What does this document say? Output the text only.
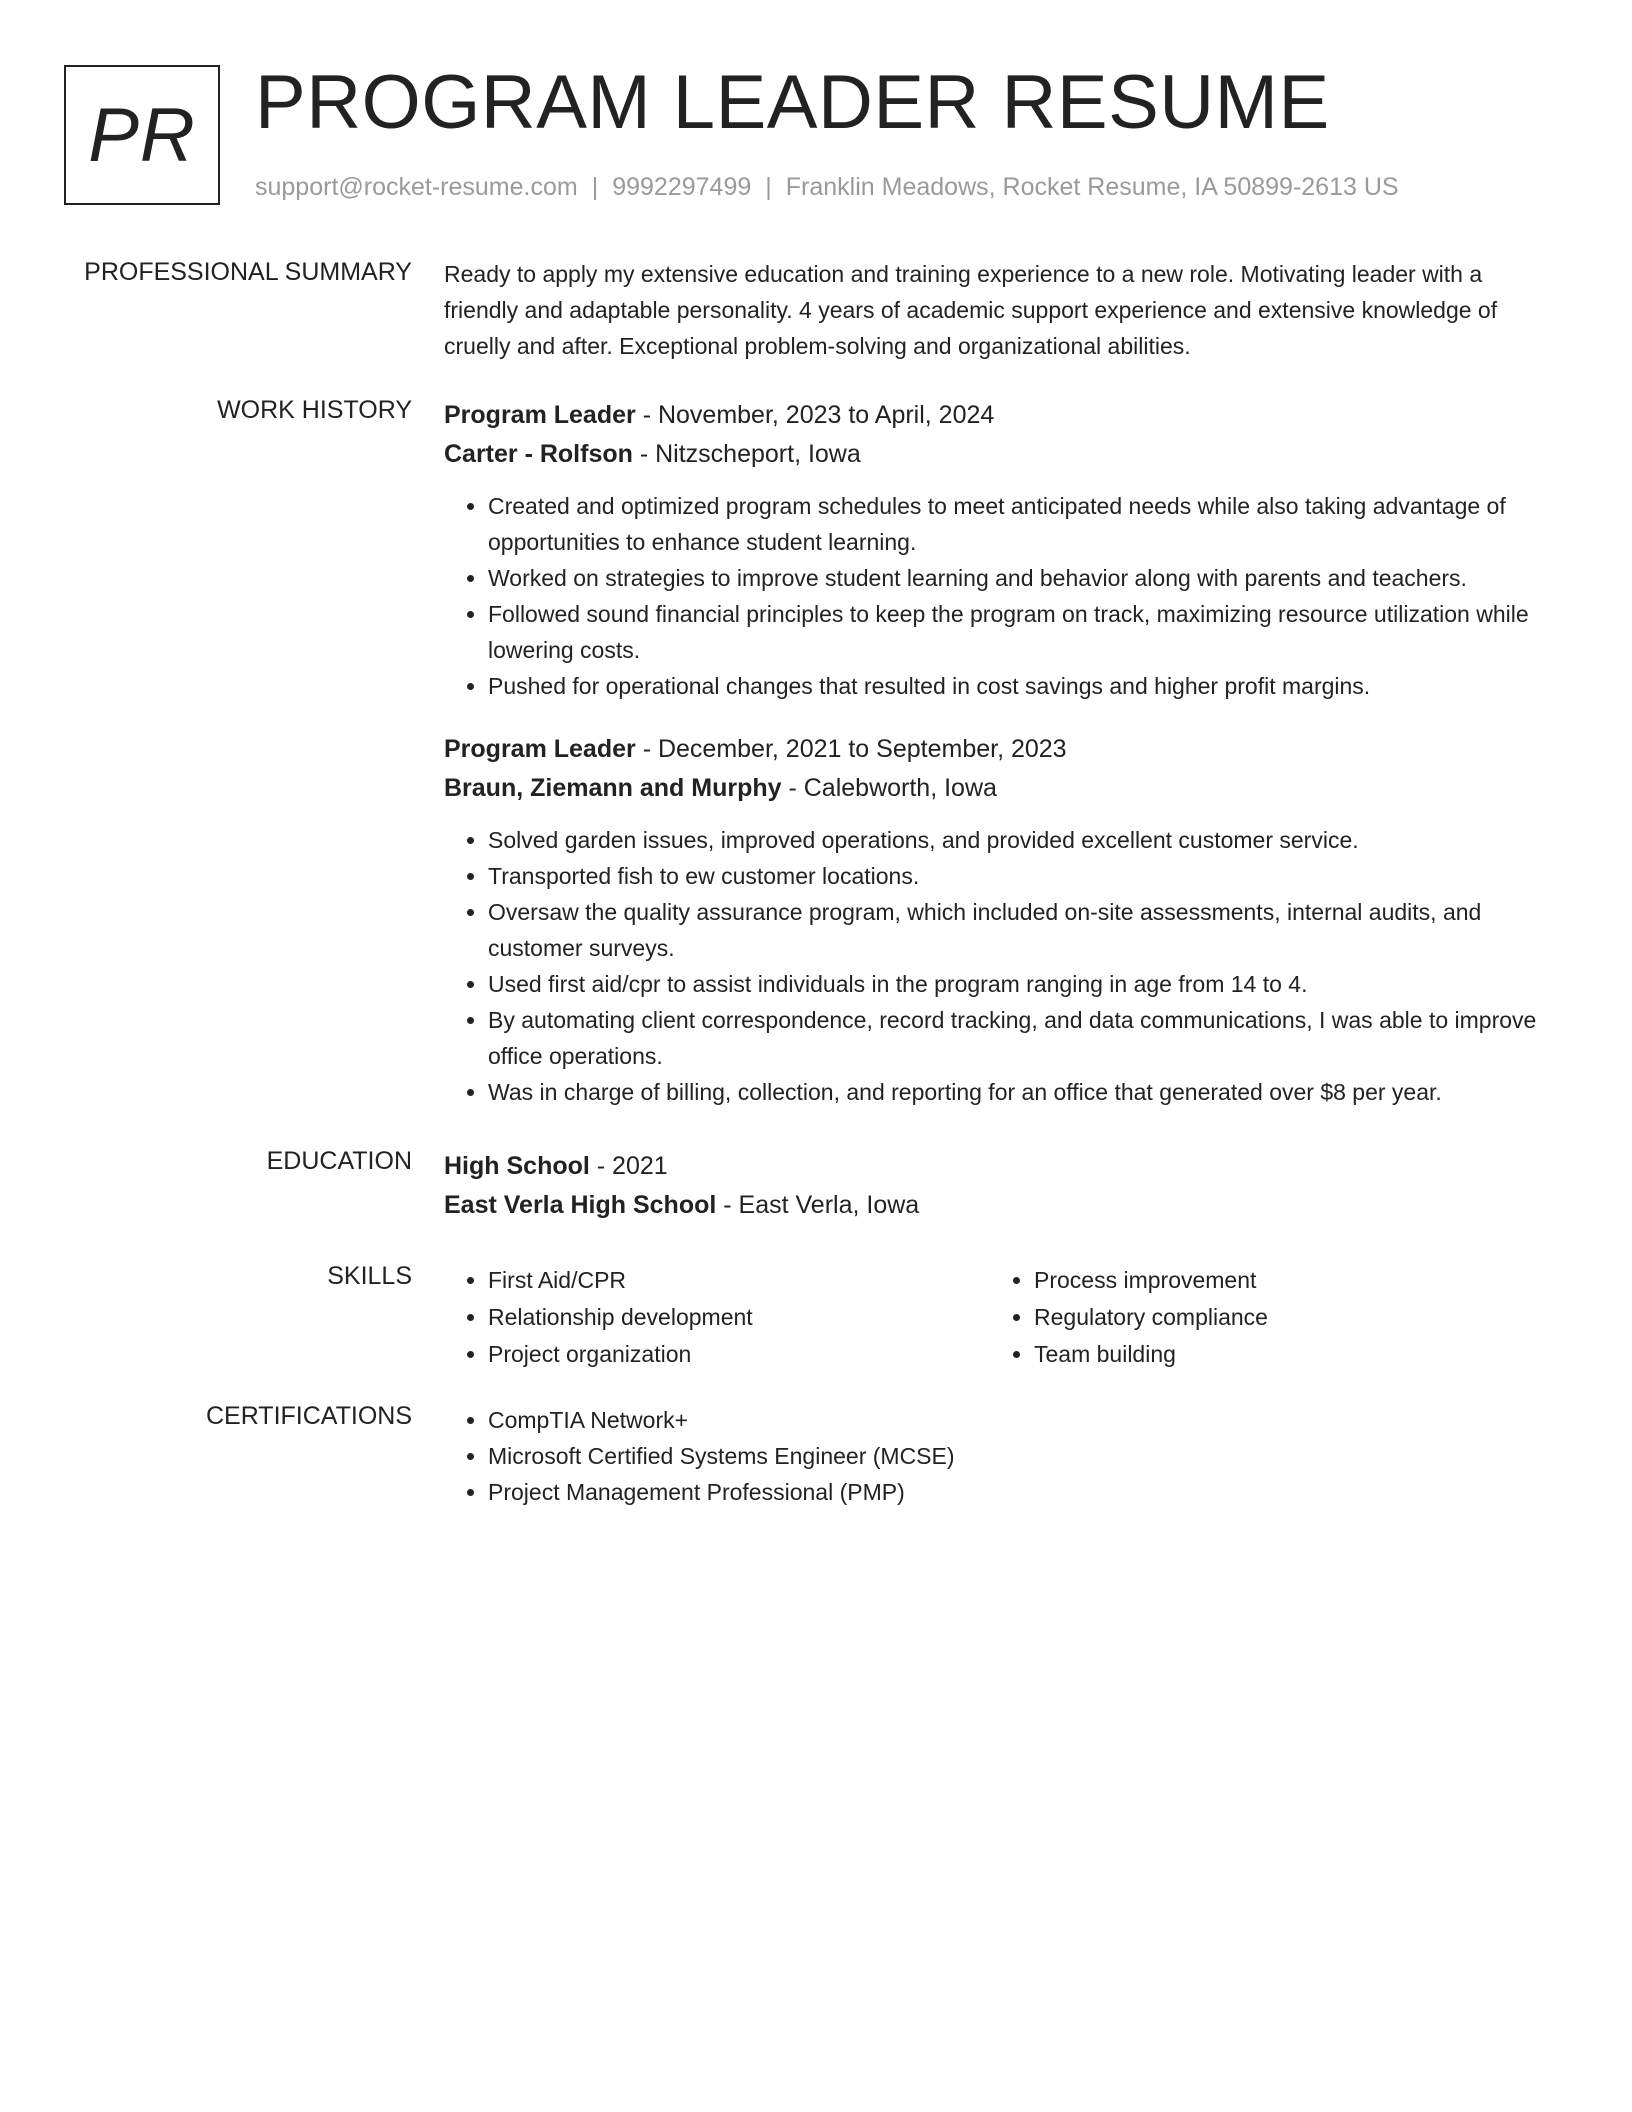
PR PROGRAM LEADER RESUME
support@rocket-resume.com | 9992297499 | Franklin Meadows, Rocket Resume, IA 50899-2613 US
PROFESSIONAL SUMMARY Ready to apply my extensive education and training experience to a new role. Motivating leader with a friendly and adaptable personality. 4 years of academic support experience and extensive knowledge of cruelly and after. Exceptional problem-solving and organizational abilities.
WORK HISTORY Program Leader - November, 2023 to April, 2024
Carter - Rolfson - Nitzscheport, Iowa
• Created and optimized program schedules to meet anticipated needs while also taking advantage of opportunities to enhance student learning.
• Worked on strategies to improve student learning and behavior along with parents and teachers.
• Followed sound financial principles to keep the program on track, maximizing resource utilization while lowering costs.
• Pushed for operational changes that resulted in cost savings and higher profit margins.
Program Leader - December, 2021 to September, 2023
Braun, Ziemann and Murphy - Calebworth, Iowa
• Solved garden issues, improved operations, and provided excellent customer service.
• Transported fish to ew customer locations.
• Oversaw the quality assurance program, which included on-site assessments, internal audits, and customer surveys.
• Used first aid/cpr to assist individuals in the program ranging in age from 14 to 4.
• By automating client correspondence, record tracking, and data communications, I was able to improve office operations.
• Was in charge of billing, collection, and reporting for an office that generated over $8 per year.
EDUCATION High School - 2021
East Verla High School - East Verla, Iowa
SKILLS	• First Aid/CPR
• Relationship development
• Project organization
• Process improvement
• Regulatory compliance
• Team building
CERTIFICATIONS	• CompTIA Network+
• Microsoft Certified Systems Engineer (MCSE)
• Project Management Professional (PMP)
